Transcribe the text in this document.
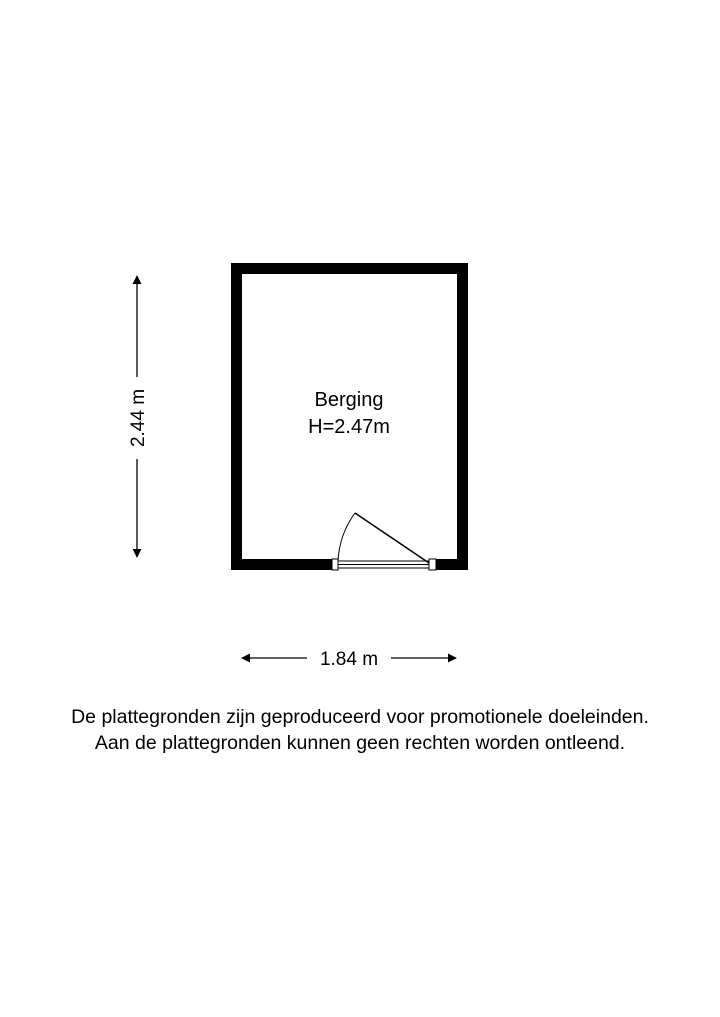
Berging
H=2.47m
2.44 m
1.84 m

De plattegronden zijn geproduceerd voor promotionele doeleinden.

Aan de plattegronden kunnen geen rechten worden ontleend.
